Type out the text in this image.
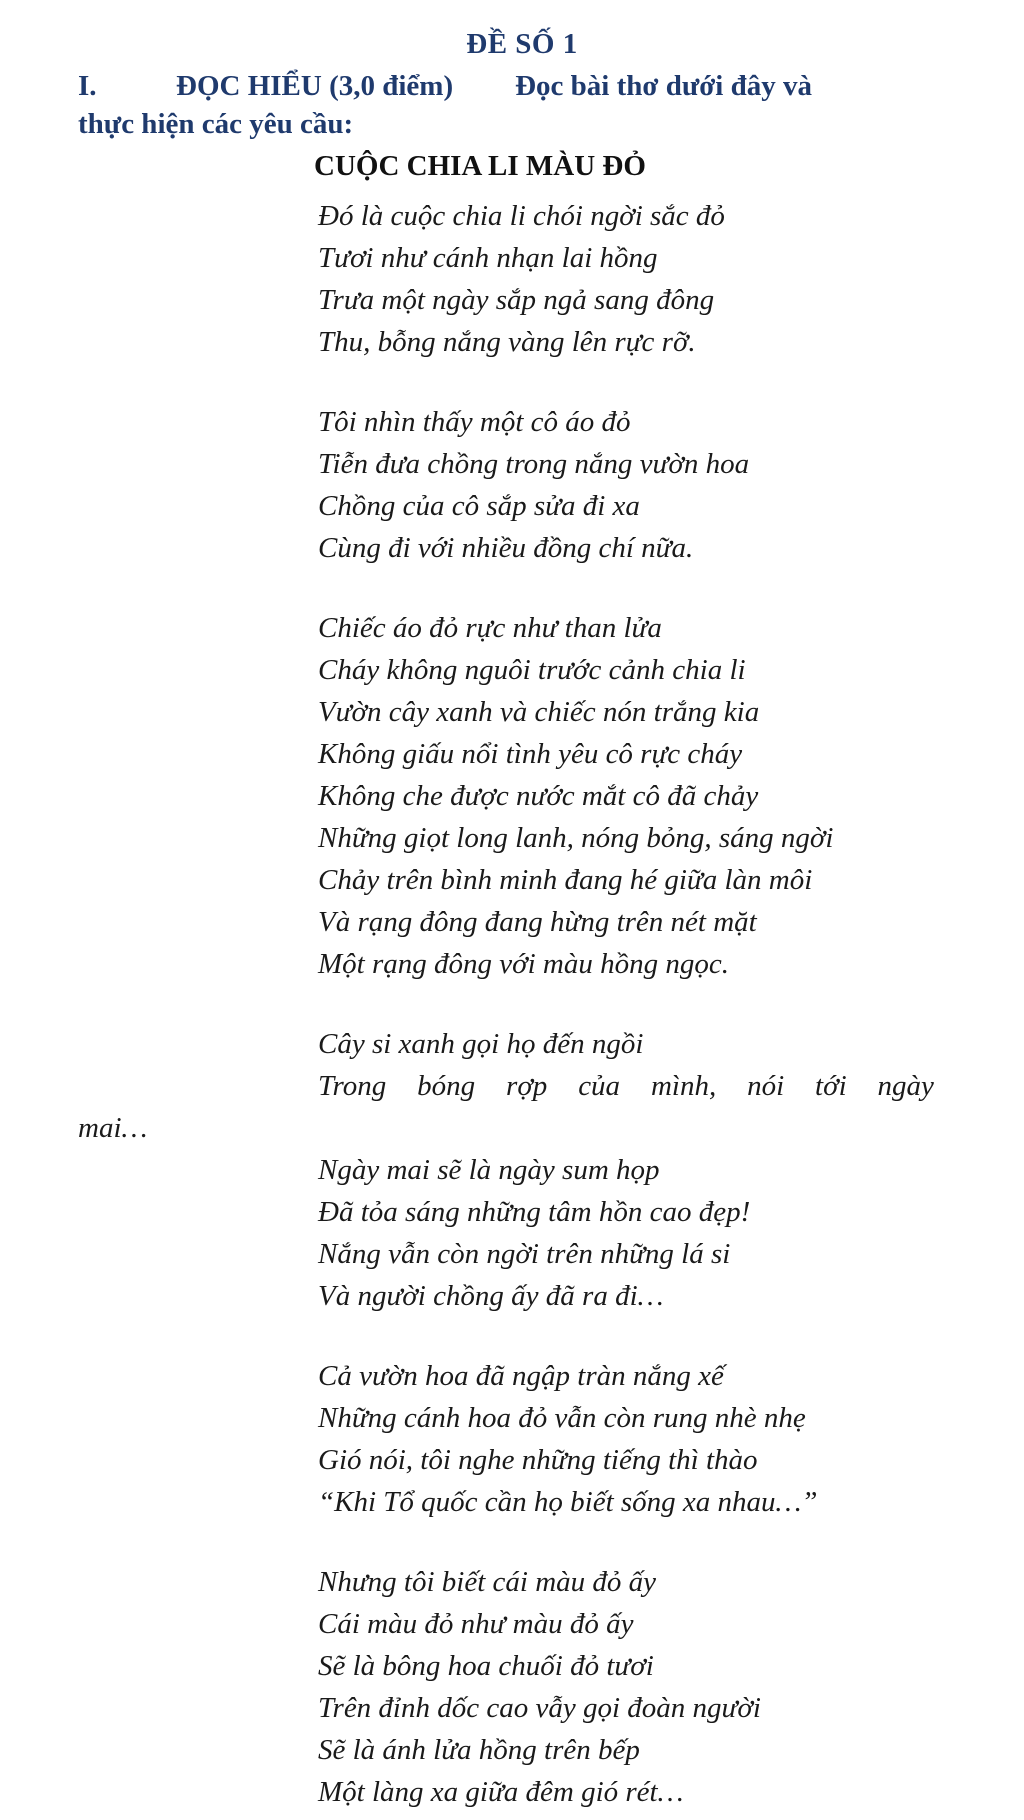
ĐỀ SỐ 1
I.	ĐỌC HIỂU (3,0 điểm) Đọc bài thơ dưới đây và
thực hiện các yêu cầu:
CUỘC CHIA LI MÀU ĐỎ
Đó là cuộc chia li chói ngời sắc đỏ
Tươi như cánh nhạn lai hồng
Trưa một ngày sắp ngả sang đông
Thu, bỗng nắng vàng lên rực rỡ.
Tôi nhìn thấy một cô áo đỏ
Tiễn đưa chồng trong nắng vườn hoa
Chồng của cô sắp sửa đi xa
Cùng đi với nhiều đồng chí nữa.
Chiếc áo đỏ rực như than lửa
Cháy không nguôi trước cảnh chia li
Vườn cây xanh và chiếc nón trắng kia
Không giấu nổi tình yêu cô rực cháy
Không che được nước mắt cô đã chảy
Những giọt long lanh, nóng bỏng, sáng ngời
Chảy trên bình minh đang hé giữa làn môi
Và rạng đông đang hừng trên nét mặt
Một rạng đông với màu hồng ngọc.
Cây si xanh gọi họ đến ngồi
Trong bóng rợp của mình, nói tới ngày
mai…
Ngày mai sẽ là ngày sum họp
Đã tỏa sáng những tâm hồn cao đẹp!
Nắng vẫn còn ngời trên những lá si
Và người chồng ấy đã ra đi…
Cả vườn hoa đã ngập tràn nắng xế
Những cánh hoa đỏ vẫn còn rung nhè nhẹ
Gió nói, tôi nghe những tiếng thì thào
“Khi Tổ quốc cần họ biết sống xa nhau…”
Nhưng tôi biết cái màu đỏ ấy
Cái màu đỏ như màu đỏ ấy
Sẽ là bông hoa chuối đỏ tươi
Trên đỉnh dốc cao vẫy gọi đoàn người
Sẽ là ánh lửa hồng trên bếp
Một làng xa giữa đêm gió rét…
